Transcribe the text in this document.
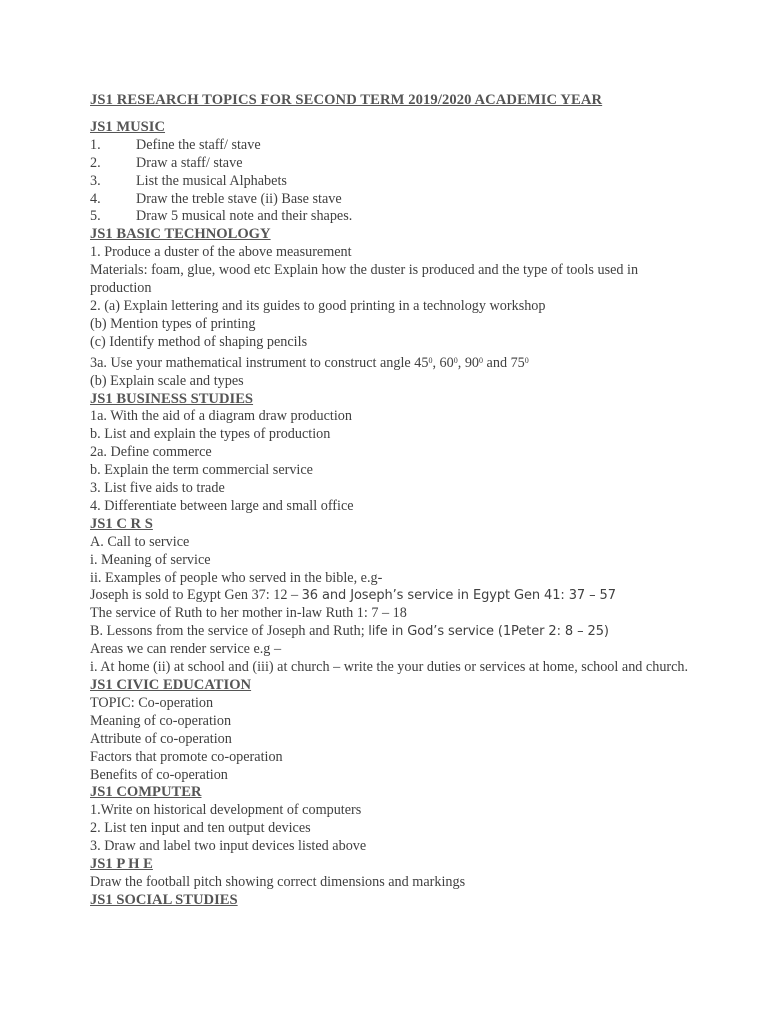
JS1 RESEARCH TOPICS FOR SECOND TERM 2019/2020 ACADEMIC YEAR
JS1 MUSIC
1.	Define the staff/ stave
2.	Draw a staff/ stave
3.	List the musical Alphabets
4.	Draw the treble stave (ii) Base stave
5.	Draw 5 musical note and their shapes.
JS1 BASIC TECHNOLOGY
1. Produce a duster of the above measurement
Materials: foam, glue, wood etc Explain how the duster is produced and the type of tools used in production
2. (a) Explain lettering and its guides to good printing in a technology workshop
(b) Mention types of printing
(c) Identify method of shaping pencils
3a. Use your mathematical instrument to construct angle $45^0$, $60^0$, $90^0$ and $75^0$
(b) Explain scale and types
JS1 BUSINESS STUDIES
1a. With the aid of a diagram draw production
b. List and explain the types of production
2a. Define commerce
b. Explain the term commercial service
3. List five aids to trade
4. Differentiate between large and small office
JS1 C R S
A. Call to service
i. Meaning of service
ii. Examples of people who served in the bible, e.g-
Joseph is sold to Egypt Gen 37: 12 – 36 and Joseph’s service in Egypt Gen 41: 37 – 57
The service of Ruth to her mother in-law Ruth 1: 7 – 18
B. Lessons from the service of Joseph and Ruth; life in God’s service (1Peter 2: 8 – 25)
Areas we can render service e.g –
i. At home (ii) at school and (iii) at church – write the your duties or services at home, school and church.
JS1 CIVIC EDUCATION
TOPIC: Co-operation
Meaning of co-operation
Attribute of co-operation
Factors that promote co-operation
Benefits of co-operation
JS1 COMPUTER
1.Write on historical development of computers
2. List ten input and ten output devices
3. Draw and label two input devices listed above
JS1 P H E
Draw the football pitch showing correct dimensions and markings
JS1 SOCIAL STUDIES
